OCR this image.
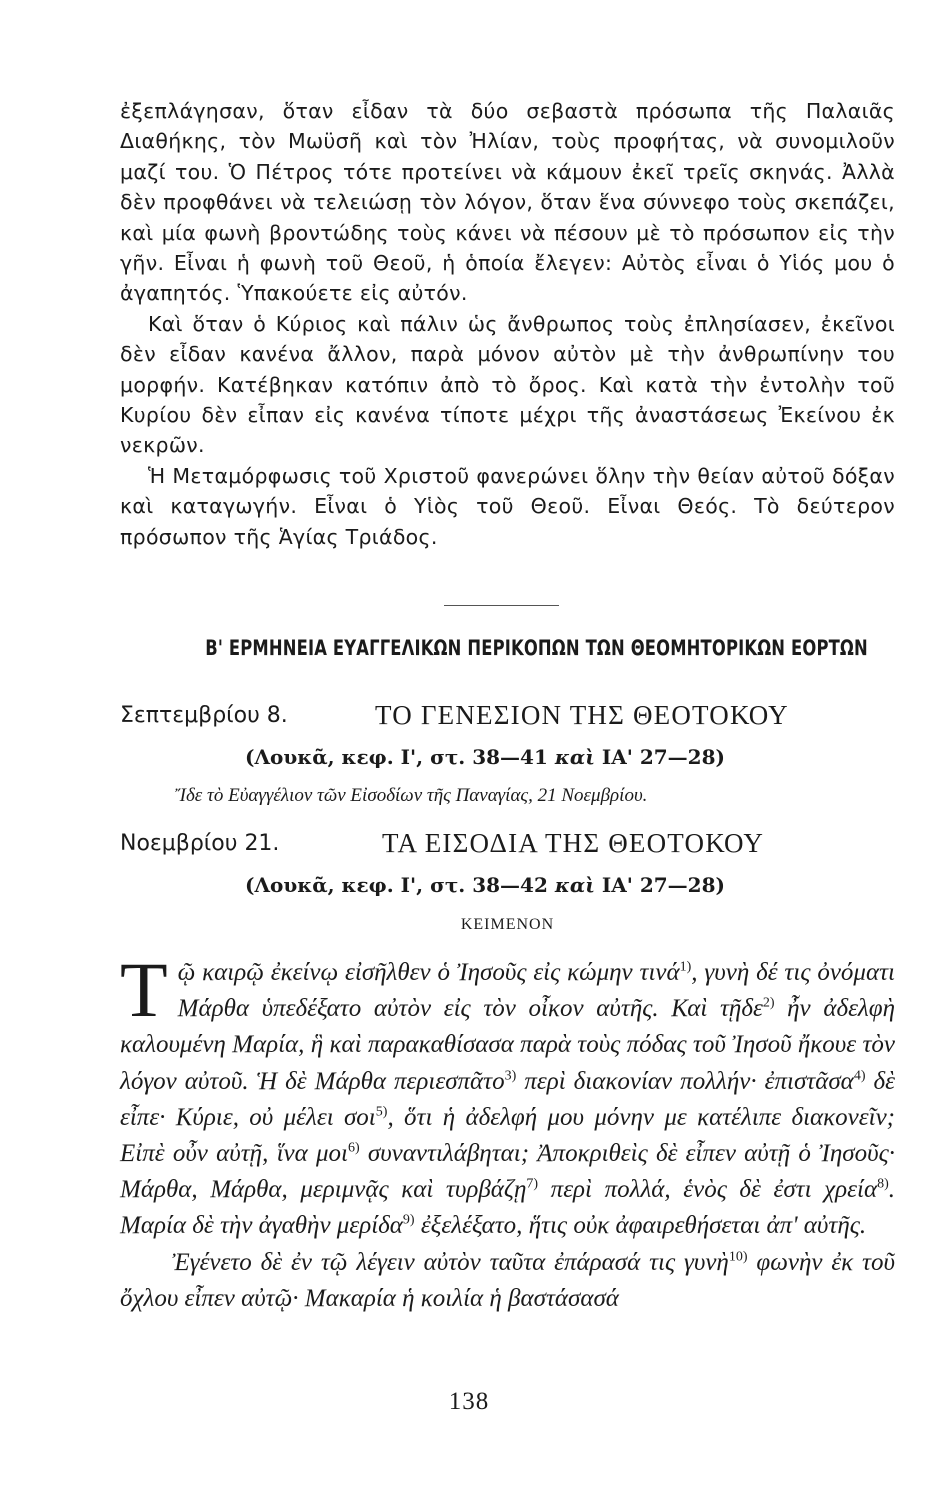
ἐξεπλάγησαν, ὅταν εἶδαν τὰ δύο σεβαστὰ πρόσωπα τῆς Παλαιᾶς Διαθήκης, τὸν Μωϋσῆ καὶ τὸν Ἠλίαν, τοὺς προφήτας, νὰ συνομιλοῦν μαζί του. Ὁ Πέτρος τότε προτείνει νὰ κάμουν ἐκεῖ τρεῖς σκηνάς. Ἀλλὰ δὲν προφθάνει νὰ τελειώσῃ τὸν λόγον, ὅταν ἕνα σύννεφο τοὺς σκεπάζει, καὶ μία φωνὴ βροντώδης τοὺς κάνει νὰ πέσουν μὲ τὸ πρόσωπον εἰς τὴν γῆν. Εἶναι ἡ φωνὴ τοῦ Θεοῦ, ἡ ὁποία ἔλεγεν: Αὐτὸς εἶναι ὁ Υἱός μου ὁ ἀγαπητός. Ὑπακούετε εἰς αὐτόν.

Καὶ ὅταν ὁ Κύριος καὶ πάλιν ὡς ἄνθρωπος τοὺς ἐπλησίασεν, ἐκεῖνοι δὲν εἶδαν κανένα ἄλλον, παρὰ μόνον αὐτὸν μὲ τὴν ἀνθρωπίνην του μορφήν. Κατέβηκαν κατόπιν ἀπὸ τὸ ὄρος. Καὶ κατὰ τὴν ἐντολὴν τοῦ Κυρίου δὲν εἶπαν εἰς κανένα τίποτε μέχρι τῆς ἀναστάσεως Ἐκείνου ἐκ νεκρῶν.

Ἡ Μεταμόρφωσις τοῦ Χριστοῦ φανερώνει ὅλην τὴν θείαν αὐτοῦ δόξαν καὶ καταγωγήν. Εἶναι ὁ Υἱὸς τοῦ Θεοῦ. Εἶναι Θεός. Τὸ δεύτερον πρόσωπον τῆς Ἁγίας Τριάδος.

Β' ΕΡΜΗΝΕΙΑ ΕΥΑΓΓΕΛΙΚΩΝ ΠΕΡΙΚΟΠΩΝ ΤΩΝ ΘΕΟΜΗΤΟΡΙΚΩΝ ΕΟΡΤΩΝ
Σεπτεμβρίου 8.	ΤΟ ΓΕΝΕΣΙΟΝ ΤΗΣ ΘΕΟΤΟΚΟΥ
(Λουκᾶ, κεφ. Ι', στ. 38—41 καὶ ΙΑ' 27—28)
Ἴδε τὸ Εὐαγγέλιον τῶν Εἰσοδίων τῆς Παναγίας, 21 Νοεμβρίου.
Νοεμβρίου 21.	ΤΑ ΕΙΣΟΔΙΑ ΤΗΣ ΘΕΟΤΟΚΟΥ
(Λουκᾶ, κεφ. Ι', στ. 38—42 καὶ ΙΑ' 27—28)
ΚΕΙΜΕΝΟΝ

Τῷ καιρῷ ἐκείνῳ εἰσῆλθεν ὁ Ἰησοῦς εἰς κώμην τινά$^{1)}$, γυνὴ δέ τις ὀνόματι Μάρθα ὑπεδέξατο αὐτὸν εἰς τὸν οἶκον αὐτῆς. Καὶ τῇδε$^{2)}$ ἦν ἀδελφὴ καλουμένη Μαρία, ἣ καὶ παρακαθίσασα παρὰ τοὺς πόδας τοῦ Ἰησοῦ ἤκουε τὸν λόγον αὐτοῦ. Ἡ δὲ Μάρθα περιεσπᾶτο$^{3)}$ περὶ διακονίαν πολλήν· ἐπιστᾶσα$^{4)}$ δὲ εἶπε· Κύριε, οὐ μέλει σοι$^{5)}$, ὅτι ἡ ἀδελφή μου μόνην με κατέλιπε διακονεῖν; Εἰπὲ οὖν αὐτῇ, ἵνα μοι$^{6)}$ συναντιλάβηται; Ἀποκριθεὶς δὲ εἶπεν αὐτῇ ὁ Ἰησοῦς· Μάρθα, Μάρθα, μεριμνᾷς καὶ τυρβάζῃ$^{7)}$ περὶ πολλά, ἑνὸς δὲ ἐστι χρεία$^{8)}$. Μαρία δὲ τὴν ἀγαθὴν μερίδα$^{9)}$ ἐξελέξατο, ἥτις οὐκ ἀφαιρεθήσεται ἀπ' αὐτῆς.

Ἐγένετο δὲ ἐν τῷ λέγειν αὐτὸν ταῦτα ἐπάρασά τις γυνὴ$^{10)}$ φωνὴν ἐκ τοῦ ὄχλου εἶπεν αὐτῷ· Μακαρία ἡ κοιλία ἡ βαστάσασά

138
